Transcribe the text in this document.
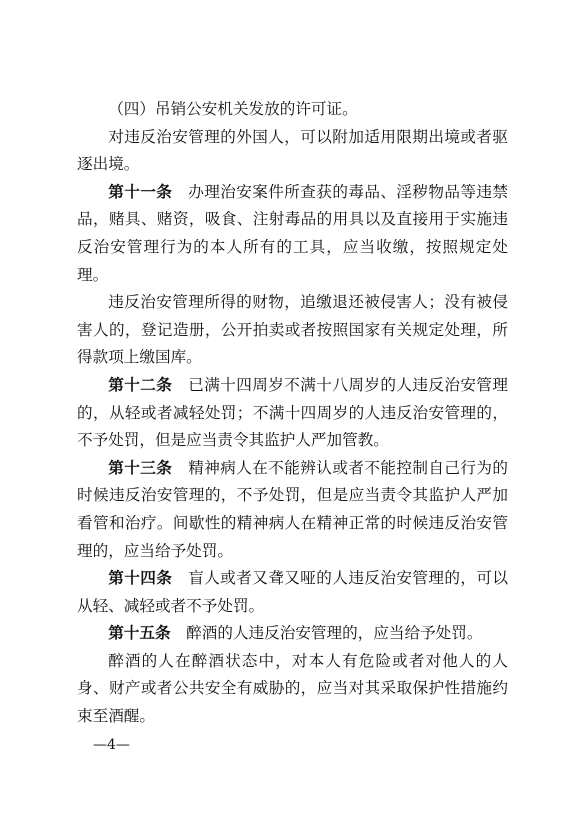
（四）吊销公安机关发放的许可证。

对违反治安管理的外国人，可以附加适用限期出境或者驱逐出境。

第十一条  办理治安案件所查获的毒品、淫秽物品等违禁品，赌具、赌资，吸食、注射毒品的用具以及直接用于实施违反治安管理行为的本人所有的工具，应当收缴，按照规定处理。

违反治安管理所得的财物，追缴退还被侵害人；没有被侵害人的，登记造册，公开拍卖或者按照国家有关规定处理，所得款项上缴国库。

第十二条  已满十四周岁不满十八周岁的人违反治安管理的，从轻或者减轻处罚；不满十四周岁的人违反治安管理的，不予处罚，但是应当责令其监护人严加管教。

第十三条  精神病人在不能辨认或者不能控制自己行为的时候违反治安管理的，不予处罚，但是应当责令其监护人严加看管和治疗。间歇性的精神病人在精神正常的时候违反治安管理的，应当给予处罚。

第十四条  盲人或者又聋又哑的人违反治安管理的，可以从轻、减轻或者不予处罚。

第十五条  醉酒的人违反治安管理的，应当给予处罚。

醉酒的人在醉酒状态中，对本人有危险或者对他人的人身、财产或者公共安全有威胁的，应当对其采取保护性措施约束至酒醒。

—4—
